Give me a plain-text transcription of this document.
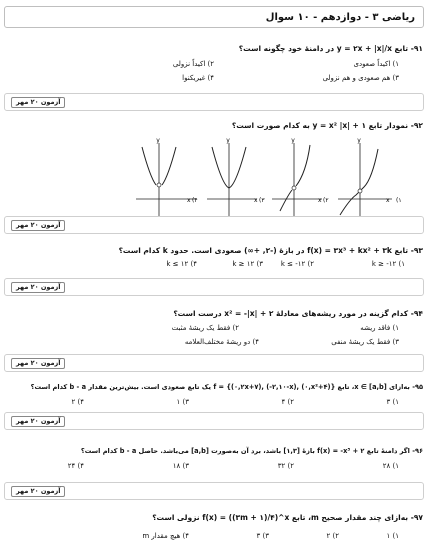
ریاضی ۳ - دوازدهم - ۱۰ سوال
۹۱- تابع y = ۲x + |x|/x در دامنهٔ خود چگونه است؟
۱) اکیداً صعودی
۲) اکیداً نزولی
۳) هم صعودی و هم نزولی
۴) غیریکنوا
آزمون ۲۰ مهر
۹۲- نمودار تابع y = x² |x| + ۱ به کدام صورت است؟
y
x (۴
y
x (۳
y
x (۲
y
x (۱
آزمون ۲۰ مهر
۹۳- تابع f(x) = ۳x³ + kx² + ۳k در بازهٔ (-۲, +∞) صعودی است. حدود k کدام است؟
k ≥ -۱۲ (۱
k ≤ -۱۲ (۲
k ≥ ۱۲ (۳
k ≤ ۱۲ (۴
آزمون ۲۰ مهر
۹۴- کدام گزینه در مورد ریشه‌های معادلهٔ x² = -|x| + ۲ درست است؟
۱) فاقد ریشه
۲) فقط یک ریشهٔ مثبت
۳) فقط یک ریشهٔ منفی
۴) دو ریشهٔ مختلف‌العلامه
آزمون ۲۰ مهر
۹۵- به‌ازای x ∈ [a,b]، تابع f = {(۰,۲x+۷), (-۲,۱۰-x), (۰,x²+۴)} یک تابع صعودی است. بیش‌ترین مقدار b - a کدام است؟
۱) ۳
۲) ۴
۳) ۱
۴) ۲
آزمون ۲۰ مهر
۹۶- اگر دامنهٔ تابع f(x) = -x³ + ۲ بازهٔ [۱,۳] باشد، برد آن به‌صورت [a,b] می‌باشد. حاصل b - a کدام است؟
۱) ۲۸
۲) ۳۲
۳) ۱۸
۴) ۲۴
آزمون ۲۰ مهر
۹۷- به‌ازای چند مقدار صحیح m، تابع f(x) = ((۳m + ۱)/۴)^x نزولی است؟
۱) ۱
۲) ۲
۳) ۳
۴) هیچ مقدار m
